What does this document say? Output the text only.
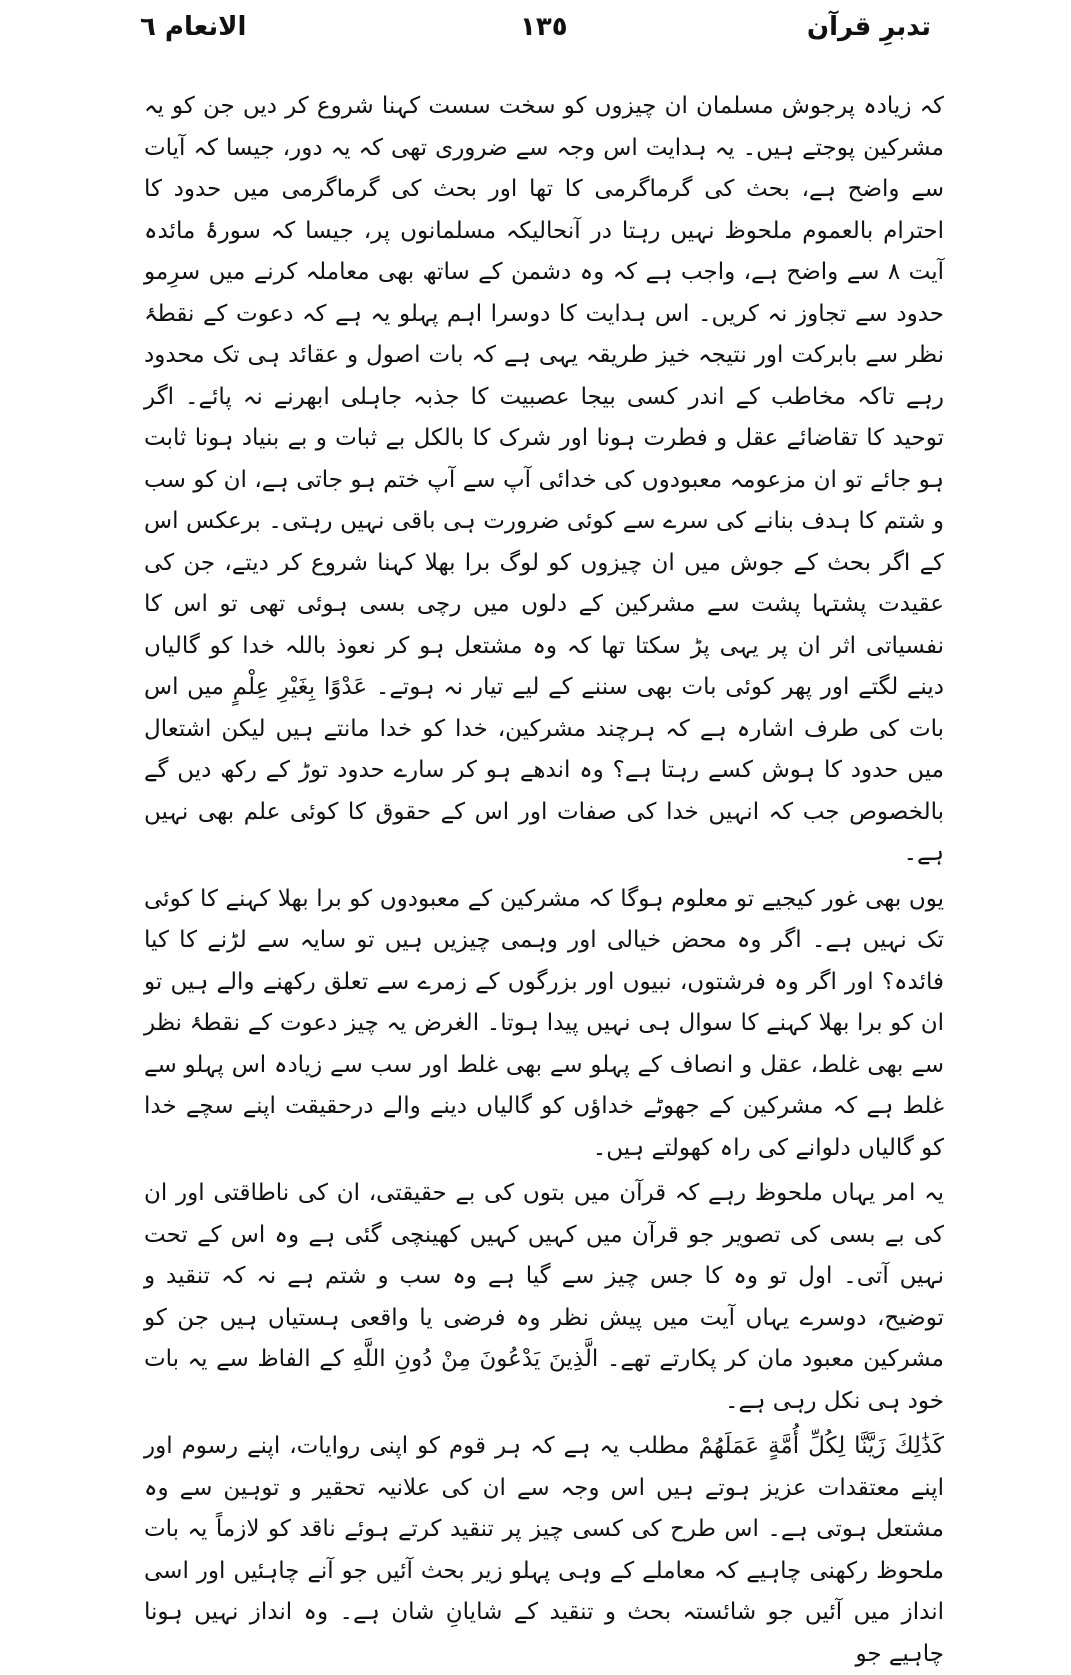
تدبرِ قرآن
١٣٥
الانعام ٦

کہ زیادہ پرجوش مسلمان ان چیزوں کو سخت سست کہنا شروع کر دیں جن کو یہ مشرکین پوجتے ہیں۔ یہ ہدایت اس وجہ سے ضروری تھی کہ یہ دور، جیسا کہ آیات سے واضح ہے، بحث کی گرماگرمی کا تھا اور بحث کی گرماگرمی میں حدود کا احترام بالعموم ملحوظ نہیں رہتا در آنحالیکہ مسلمانوں پر، جیسا کہ سورۂ مائدہ آیت ۸ سے واضح ہے، واجب ہے کہ وہ دشمن کے ساتھ بھی معاملہ کرنے میں سرِمو حدود سے تجاوز نہ کریں۔ اس ہدایت کا دوسرا اہم پہلو یہ ہے کہ دعوت کے نقطۂ نظر سے بابرکت اور نتیجہ خیز طریقہ یہی ہے کہ بات اصول و عقائد ہی تک محدود رہے تاکہ مخاطب کے اندر کسی بیجا عصبیت کا جذبہ جاہلی ابھرنے نہ پائے۔ اگر توحید کا تقاضائے عقل و فطرت ہونا اور شرک کا بالکل بے ثبات و بے بنیاد ہونا ثابت ہو جائے تو ان مزعومہ معبودوں کی خدائی آپ سے آپ ختم ہو جاتی ہے، ان کو سب و شتم کا ہدف بنانے کی سرے سے کوئی ضرورت ہی باقی نہیں رہتی۔ برعکس اس کے اگر بحث کے جوش میں ان چیزوں کو لوگ برا بھلا کہنا شروع کر دیتے، جن کی عقیدت پشتہا پشت سے مشرکین کے دلوں میں رچی بسی ہوئی تھی تو اس کا نفسیاتی اثر ان پر یہی پڑ سکتا تھا کہ وہ مشتعل ہو کر نعوذ باللہ خدا کو گالیاں دینے لگتے اور پھر کوئی بات بھی سننے کے لیے تیار نہ ہوتے۔ عَدْوًا بِغَيْرِ عِلْمٍ میں اس بات کی طرف اشارہ ہے کہ ہرچند مشرکین، خدا کو خدا مانتے ہیں لیکن اشتعال میں حدود کا ہوش کسے رہتا ہے؟ وہ اندھے ہو کر سارے حدود توڑ کے رکھ دیں گے بالخصوص جب کہ انہیں خدا کی صفات اور اس کے حقوق کا کوئی علم بھی نہیں ہے۔

یوں بھی غور کیجیے تو معلوم ہوگا کہ مشرکین کے معبودوں کو برا بھلا کہنے کا کوئی تک نہیں ہے۔ اگر وہ محض خیالی اور وہمی چیزیں ہیں تو سایہ سے لڑنے کا کیا فائدہ؟ اور اگر وہ فرشتوں، نبیوں اور بزرگوں کے زمرے سے تعلق رکھنے والے ہیں تو ان کو برا بھلا کہنے کا سوال ہی نہیں پیدا ہوتا۔ الغرض یہ چیز دعوت کے نقطۂ نظر سے بھی غلط، عقل و انصاف کے پہلو سے بھی غلط اور سب سے زیادہ اس پہلو سے غلط ہے کہ مشرکین کے جھوٹے خداؤں کو گالیاں دینے والے درحقیقت اپنے سچے خدا کو گالیاں دلوانے کی راہ کھولتے ہیں۔

یہ امر یہاں ملحوظ رہے کہ قرآن میں بتوں کی بے حقیقتی، ان کی ناطاقتی اور ان کی بے بسی کی تصویر جو قرآن میں کہیں کہیں کھینچی گئی ہے وہ اس کے تحت نہیں آتی۔ اول تو وہ کا جس چیز سے گیا ہے وہ سب و شتم ہے نہ کہ تنقید و توضیح، دوسرے یہاں آیت میں پیش نظر وہ فرضی یا واقعی ہستیاں ہیں جن کو مشرکین معبود مان کر پکارتے تھے۔ الَّذِينَ يَدْعُونَ مِنْ دُونِ اللَّهِ کے الفاظ سے یہ بات خود ہی نکل رہی ہے۔

كَذَٰلِكَ زَيَّنَّا لِكُلِّ أُمَّةٍ عَمَلَهُمْ مطلب یہ ہے کہ ہر قوم کو اپنی روایات، اپنے رسوم اور اپنے معتقدات عزیز ہوتے ہیں اس وجہ سے ان کی علانیہ تحقیر و توہین سے وہ مشتعل ہوتی ہے۔ اس طرح کی کسی چیز پر تنقید کرتے ہوئے ناقد کو لازماً یہ بات ملحوظ رکھنی چاہیے کہ معاملے کے وہی پہلو زیر بحث آئیں جو آنے چاہئیں اور اسی انداز میں آئیں جو شائستہ بحث و تنقید کے شایانِ شان ہے۔ وہ انداز نہیں ہونا چاہیے جو
